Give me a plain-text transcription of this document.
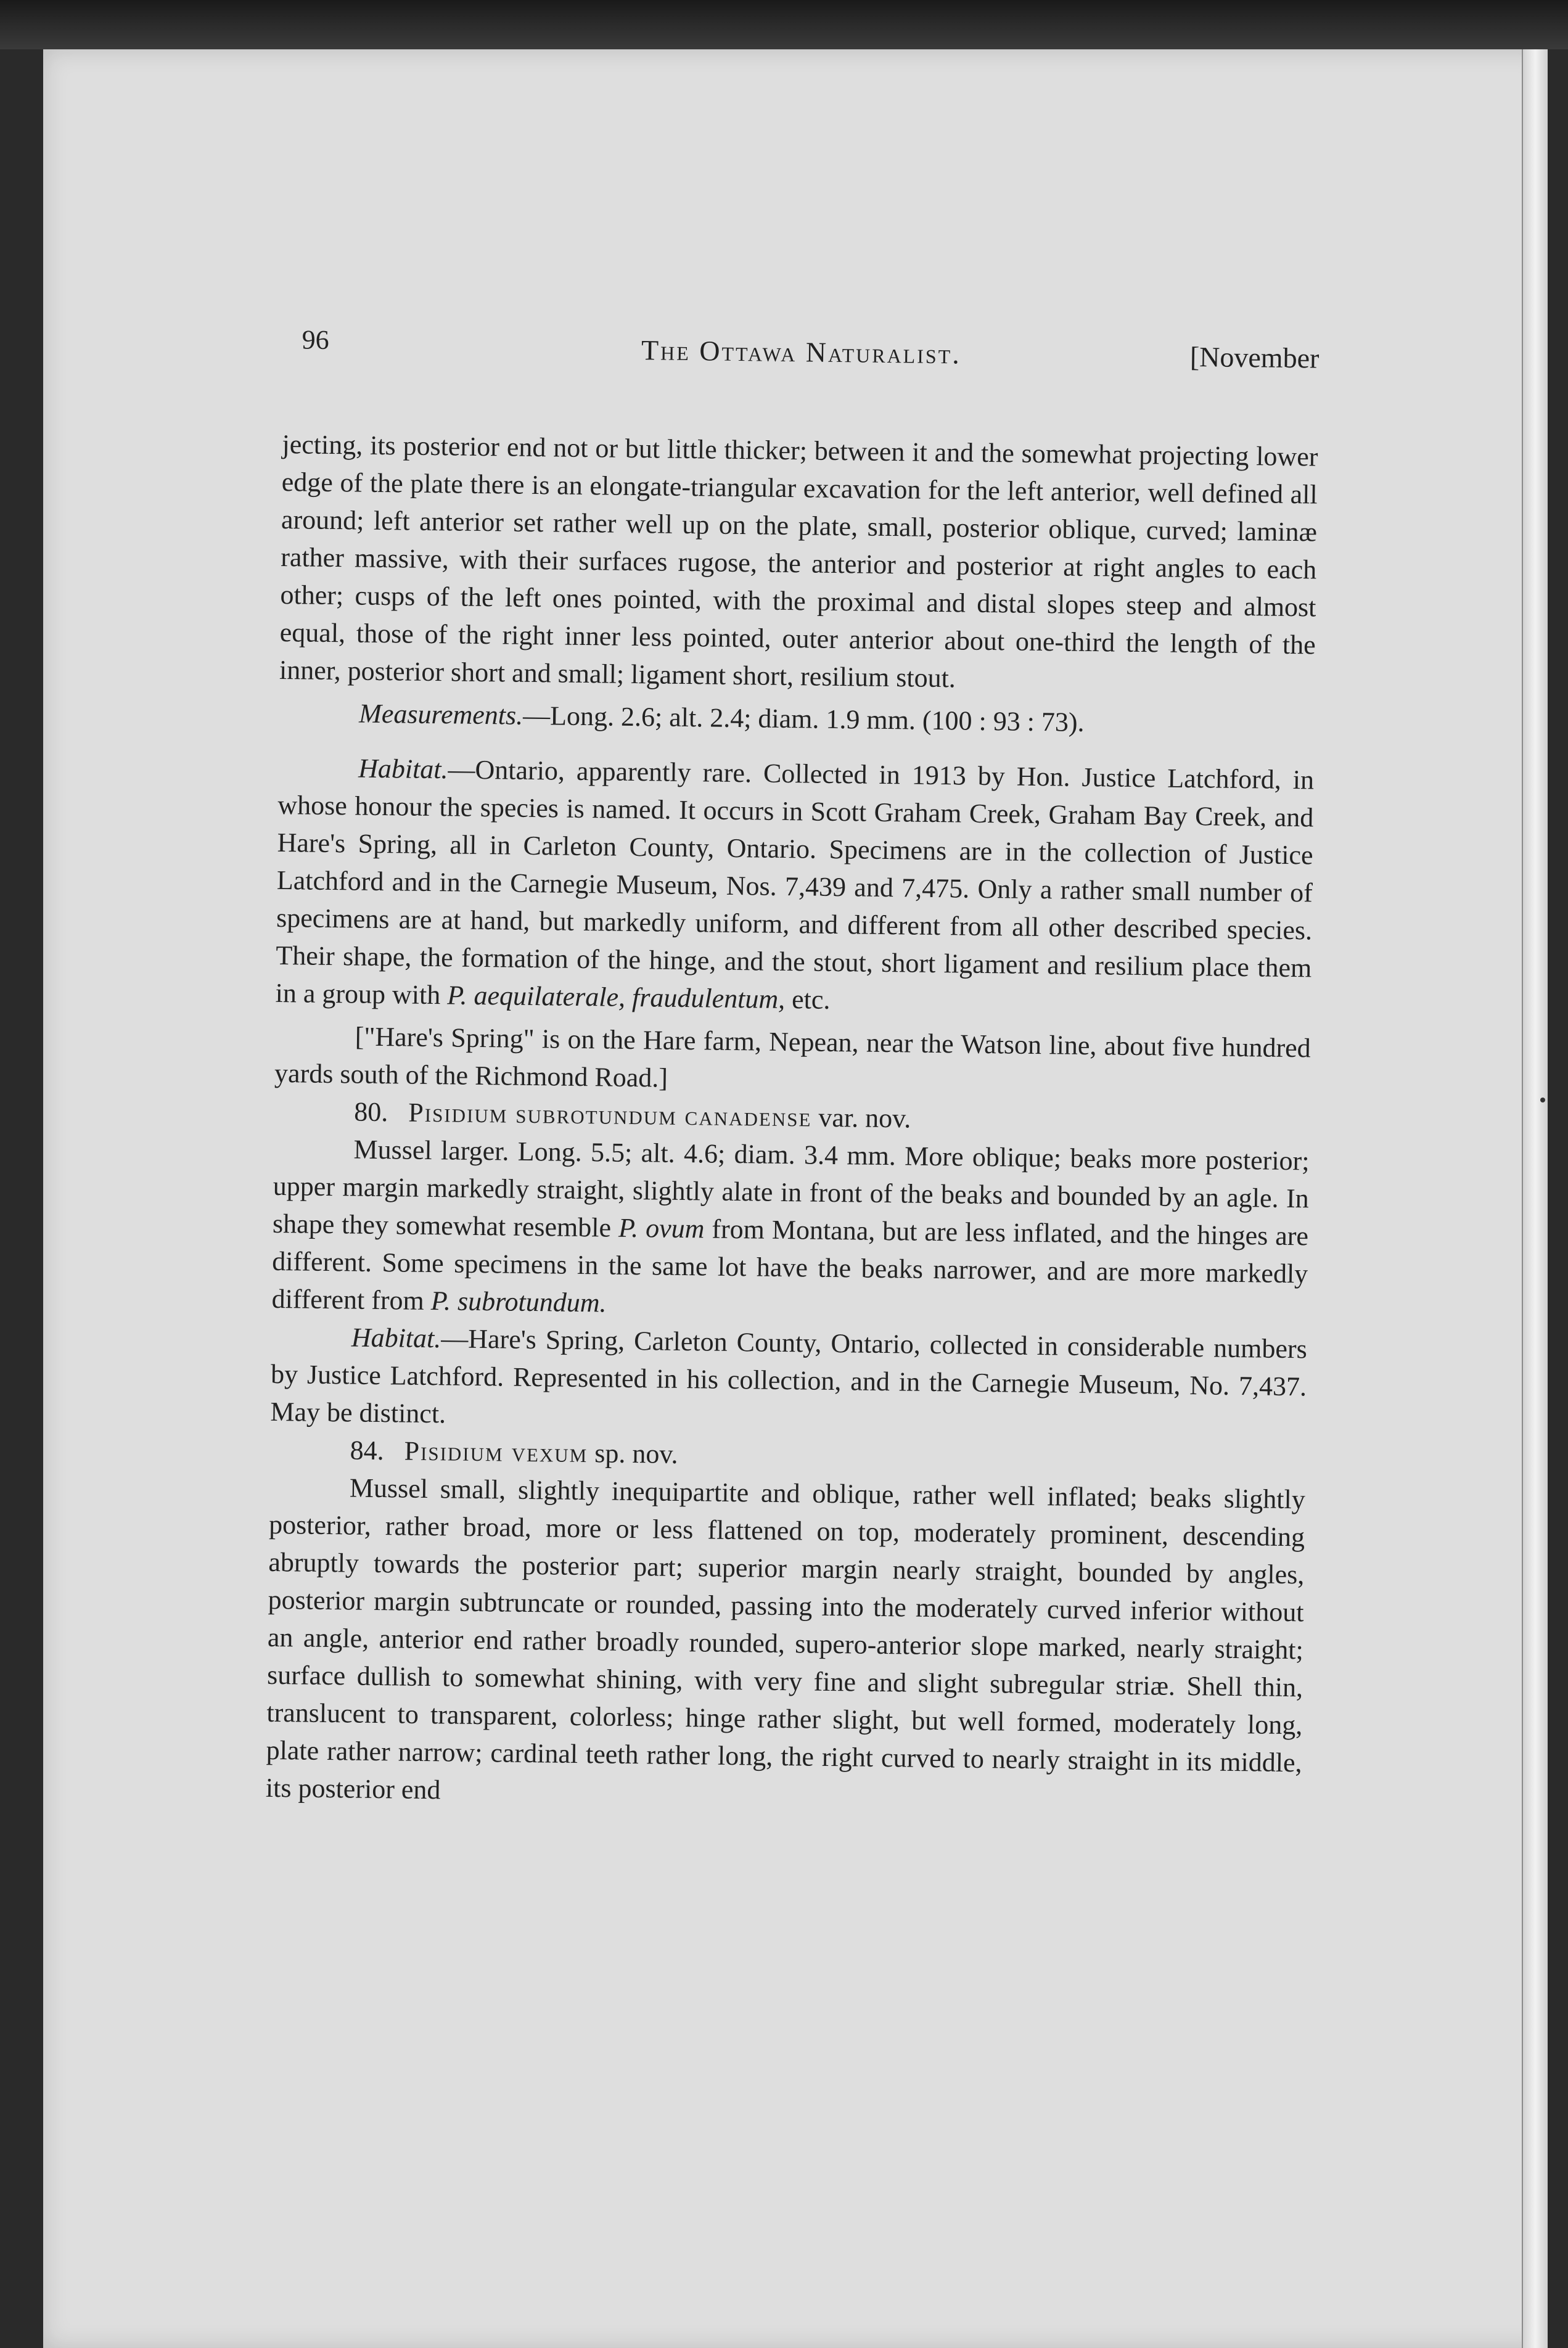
96	The Ottawa Naturalist.	[November

jecting, its posterior end not or but little thicker; between it and the somewhat projecting lower edge of the plate there is an elongate-triangular excavation for the left anterior, well defined all around; left anterior set rather well up on the plate, small, posterior oblique, curved; laminæ rather massive, with their surfaces rugose, the anterior and posterior at right angles to each other; cusps of the left ones pointed, with the proximal and distal slopes steep and almost equal, those of the right inner less pointed, outer anterior about one-third the length of the inner, posterior short and small; ligament short, resilium stout.

Measurements.—Long. 2.6; alt. 2.4; diam. 1.9 mm. (100 : 93 : 73).

Habitat.—Ontario, apparently rare. Collected in 1913 by Hon. Justice Latchford, in whose honour the species is named. It occurs in Scott Graham Creek, Graham Bay Creek, and Hare's Spring, all in Carleton County, Ontario. Specimens are in the collection of Justice Latchford and in the Carnegie Museum, Nos. 7,439 and 7,475. Only a rather small number of specimens are at hand, but markedly uniform, and different from all other described species. Their shape, the formation of the hinge, and the stout, short ligament and resilium place them in a group with P. aequilaterale, fraudulentum, etc.

["Hare's Spring" is on the Hare farm, Nepean, near the Watson line, about five hundred yards south of the Richmond Road.]

80. Pisidium subrotundum canadense var. nov.

Mussel larger. Long. 5.5; alt. 4.6; diam. 3.4 mm. More oblique; beaks more posterior; upper margin markedly straight, slightly alate in front of the beaks and bounded by an agle. In shape they somewhat resemble P. ovum from Montana, but are less inflated, and the hinges are different. Some specimens in the same lot have the beaks narrower, and are more markedly different from P. subrotundum.

Habitat.—Hare's Spring, Carleton County, Ontario, collected in considerable numbers by Justice Latchford. Represented in his collection, and in the Carnegie Museum, No. 7,437. May be distinct.

84. Pisidium vexum sp. nov.

Mussel small, slightly inequipartite and oblique, rather well inflated; beaks slightly posterior, rather broad, more or less flattened on top, moderately prominent, descending abruptly towards the posterior part; superior margin nearly straight, bounded by angles, posterior margin subtruncate or rounded, passing into the moderately curved inferior without an angle, anterior end rather broadly rounded, supero-anterior slope marked, nearly straight; surface dullish to somewhat shining, with very fine and slight subregular striæ. Shell thin, translucent to transparent, colorless; hinge rather slight, but well formed, moderately long, plate rather narrow; cardinal teeth rather long, the right curved to nearly straight in its middle, its posterior end
